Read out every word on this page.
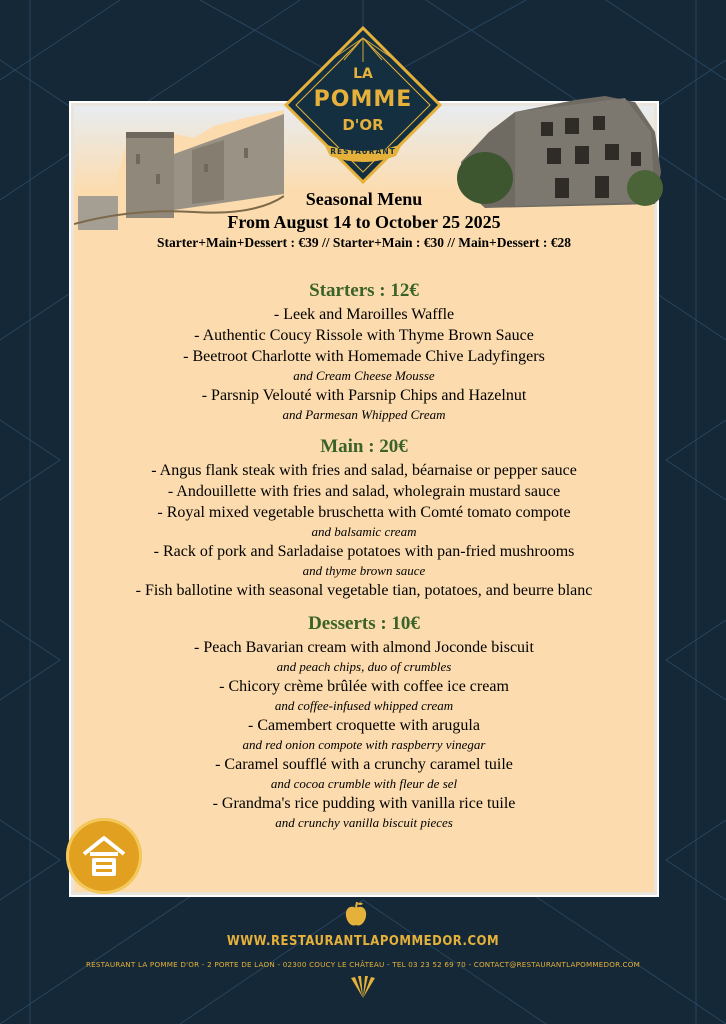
LA
POMME
D'OR
RESTAURANT
Seasonal Menu
From August 14 to October 25 2025
Starter+Main+Dessert : €39 // Starter+Main : €30 // Main+Dessert : €28
Starters : 12€
- Leek and Maroilles Waffle
- Authentic Coucy Rissole with Thyme Brown Sauce
- Beetroot Charlotte with Homemade Chive Ladyfingers
and Cream Cheese Mousse
- Parsnip Velouté with Parsnip Chips and Hazelnut
and Parmesan Whipped Cream
Main : 20€
- Angus flank steak with fries and salad, béarnaise or pepper sauce
- Andouillette with fries and salad, wholegrain mustard sauce
- Royal mixed vegetable bruschetta with Comté tomato compote
and balsamic cream
- Rack of pork and Sarladaise potatoes with pan-fried mushrooms
and thyme brown sauce
- Fish ballotine with seasonal vegetable tian, potatoes, and beurre blanc
Desserts : 10€
- Peach Bavarian cream with almond Joconde biscuit
and peach chips, duo of crumbles
- Chicory crème brûlée with coffee ice cream
and coffee-infused whipped cream
- Camembert croquette with arugula
and red onion compote with raspberry vinegar
- Caramel soufflé with a crunchy caramel tuile
and cocoa crumble with fleur de sel
- Grandma's rice pudding with vanilla rice tuile
and crunchy vanilla biscuit pieces
WWW.RESTAURANTLAPOMMEDOR.COM
RESTAURANT LA POMME D'OR - 2 PORTE DE LAON - 02300 COUCY LE CHÂTEAU - TEL 03 23 52 69 70 - CONTACT@RESTAURANTLAPOMMEDOR.COM
